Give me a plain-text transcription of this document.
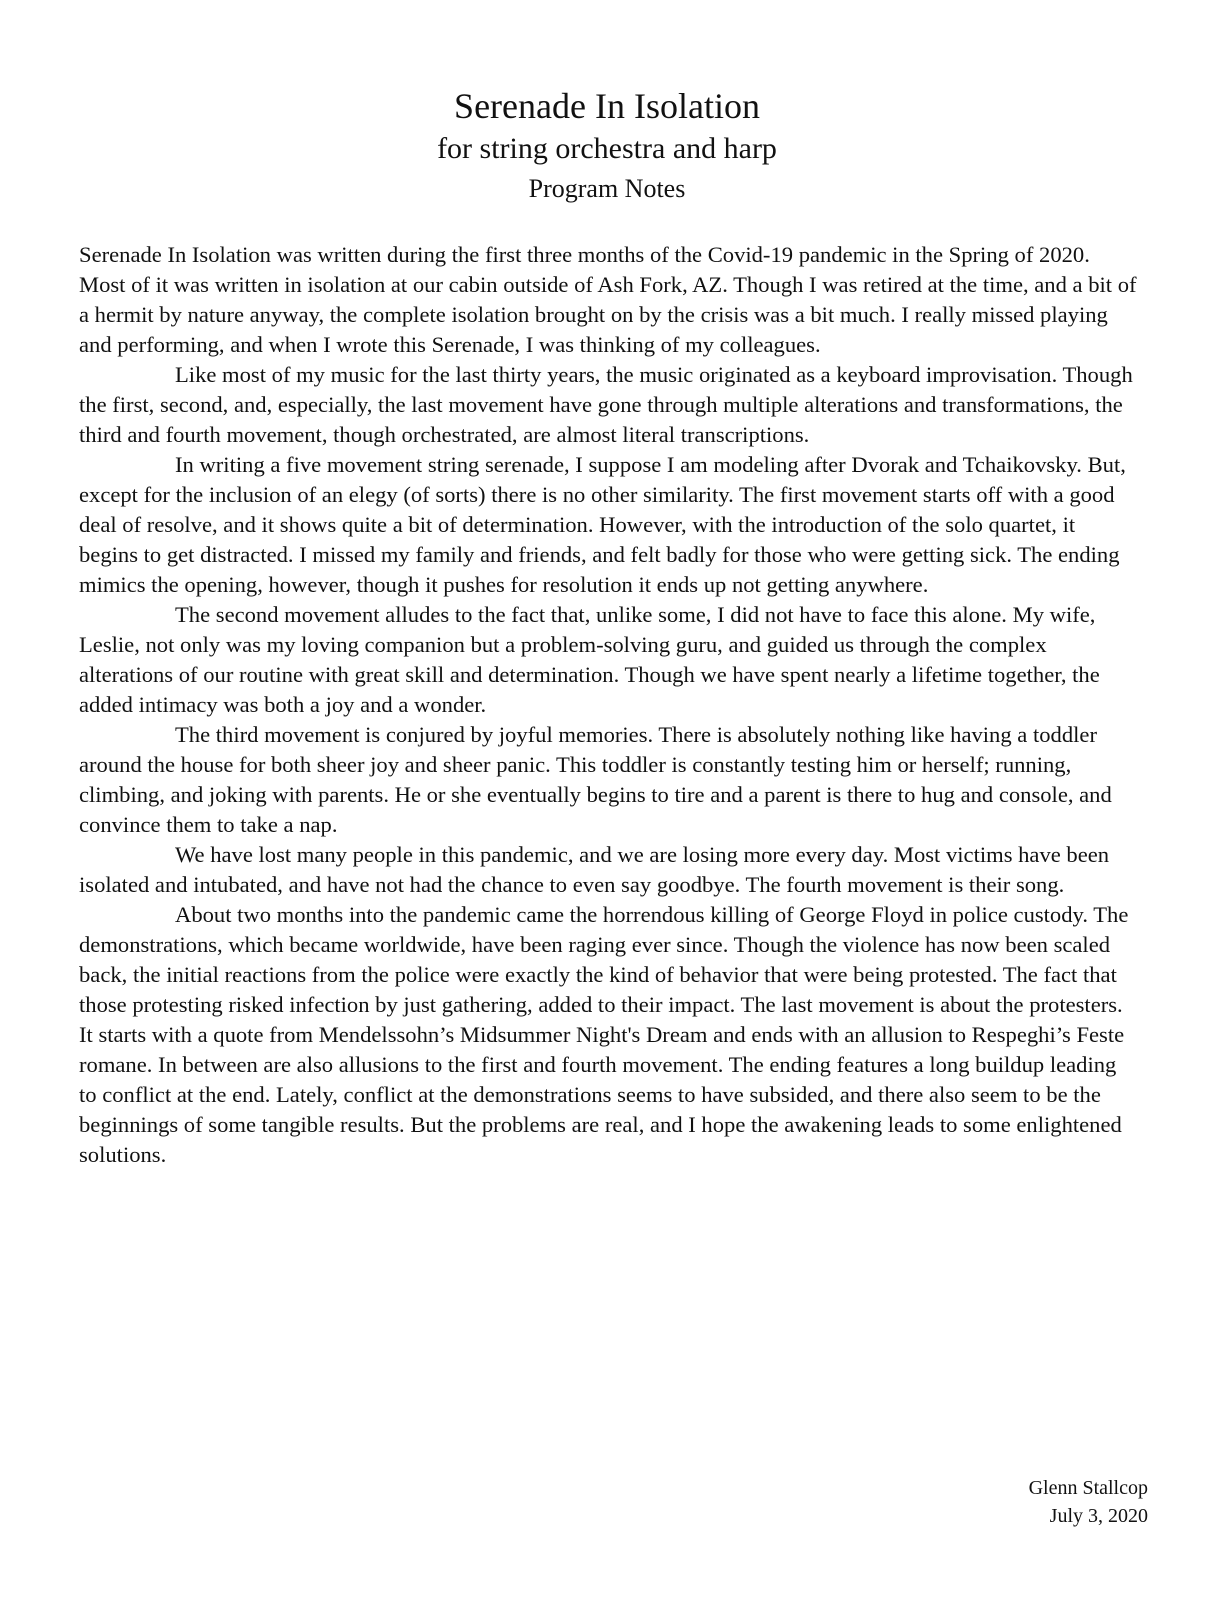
Serenade In Isolation
for string orchestra and harp
Program Notes

Serenade In Isolation was written during the first three months of the Covid-19 pandemic in the Spring of 2020. Most of it was written in isolation at our cabin outside of Ash Fork, AZ. Though I was retired at the time, and a bit of a hermit by nature anyway, the complete isolation brought on by the crisis was a bit much. I really missed playing and performing, and when I wrote this Serenade, I was thinking of my colleagues.

Like most of my music for the last thirty years, the music originated as a keyboard improvisation. Though the first, second, and, especially, the last movement have gone through multiple alterations and transformations, the third and fourth movement, though orchestrated, are almost literal transcriptions.

In writing a five movement string serenade, I suppose I am modeling after Dvorak and Tchaikovsky. But, except for the inclusion of an elegy (of sorts) there is no other similarity. The first movement starts off with a good deal of resolve, and it shows quite a bit of determination. However, with the introduction of the solo quartet, it begins to get distracted. I missed my family and friends, and felt badly for those who were getting sick. The ending mimics the opening, however, though it pushes for resolution it ends up not getting anywhere.

The second movement alludes to the fact that, unlike some, I did not have to face this alone. My wife, Leslie, not only was my loving companion but a problem-solving guru, and guided us through the complex alterations of our routine with great skill and determination. Though we have spent nearly a lifetime together, the added intimacy was both a joy and a wonder.

The third movement is conjured by joyful memories. There is absolutely nothing like having a toddler around the house for both sheer joy and sheer panic. This toddler is constantly testing him or herself; running, climbing, and joking with parents. He or she eventually begins to tire and a parent is there to hug and console, and convince them to take a nap.

We have lost many people in this pandemic, and we are losing more every day. Most victims have been isolated and intubated, and have not had the chance to even say goodbye. The fourth movement is their song.

About two months into the pandemic came the horrendous killing of George Floyd in police custody. The demonstrations, which became worldwide, have been raging ever since. Though the violence has now been scaled back, the initial reactions from the police were exactly the kind of behavior that were being protested. The fact that those protesting risked infection by just gathering, added to their impact. The last movement is about the protesters. It starts with a quote from Mendelssohn’s Midsummer Night's Dream and ends with an allusion to Respeghi’s Feste romane. In between are also allusions to the first and fourth movement. The ending features a long buildup leading to conflict at the end. Lately, conflict at the demonstrations seems to have subsided, and there also seem to be the beginnings of some tangible results. But the problems are real, and I hope the awakening leads to some enlightened solutions.

Glenn Stallcop
July 3, 2020
